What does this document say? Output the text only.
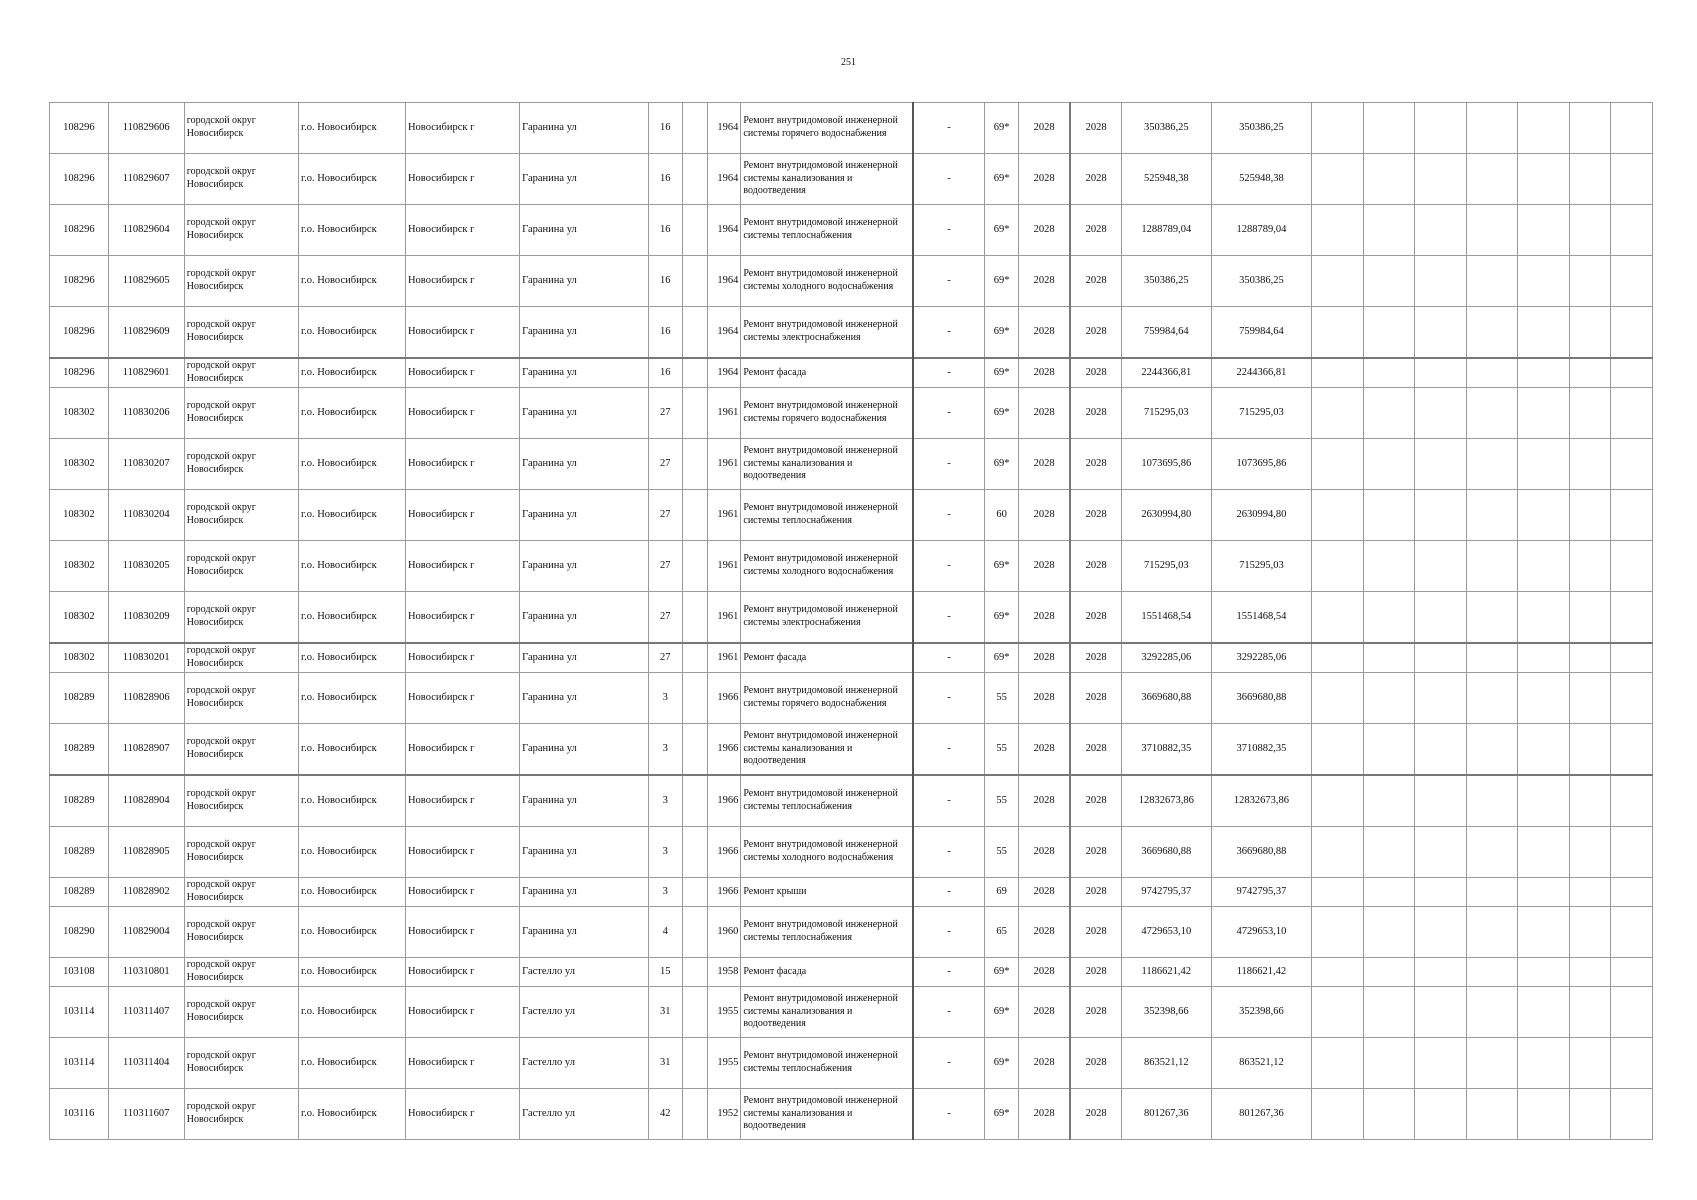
251
108296	110829606	городской округ Новосибирск	г.о. Новосибирск	Новосибирск г	Гаранина ул	16		1964	Ремонт внутридомовой инженерной системы горячего водоснабжения	-	69*	2028	2028	350386,25	350386,25							
108296	110829607	городской округ Новосибирск	г.о. Новосибирск	Новосибирск г	Гаранина ул	16		1964	Ремонт внутридомовой инженерной системы канализования и водоотведения	-	69*	2028	2028	525948,38	525948,38							
108296	110829604	городской округ Новосибирск	г.о. Новосибирск	Новосибирск г	Гаранина ул	16		1964	Ремонт внутридомовой инженерной системы теплоснабжения	-	69*	2028	2028	1288789,04	1288789,04							
108296	110829605	городской округ Новосибирск	г.о. Новосибирск	Новосибирск г	Гаранина ул	16		1964	Ремонт внутридомовой инженерной системы холодного водоснабжения	-	69*	2028	2028	350386,25	350386,25							
108296	110829609	городской округ Новосибирск	г.о. Новосибирск	Новосибирск г	Гаранина ул	16		1964	Ремонт внутридомовой инженерной системы электроснабжения	-	69*	2028	2028	759984,64	759984,64							
108296	110829601	городской округ Новосибирск	г.о. Новосибирск	Новосибирск г	Гаранина ул	16		1964	Ремонт фасада	-	69*	2028	2028	2244366,81	2244366,81							
108302	110830206	городской округ Новосибирск	г.о. Новосибирск	Новосибирск г	Гаранина ул	27		1961	Ремонт внутридомовой инженерной системы горячего водоснабжения	-	69*	2028	2028	715295,03	715295,03							
108302	110830207	городской округ Новосибирск	г.о. Новосибирск	Новосибирск г	Гаранина ул	27		1961	Ремонт внутридомовой инженерной системы канализования и водоотведения	-	69*	2028	2028	1073695,86	1073695,86							
108302	110830204	городской округ Новосибирск	г.о. Новосибирск	Новосибирск г	Гаранина ул	27		1961	Ремонт внутридомовой инженерной системы теплоснабжения	-	60	2028	2028	2630994,80	2630994,80							
108302	110830205	городской округ Новосибирск	г.о. Новосибирск	Новосибирск г	Гаранина ул	27		1961	Ремонт внутридомовой инженерной системы холодного водоснабжения	-	69*	2028	2028	715295,03	715295,03							
108302	110830209	городской округ Новосибирск	г.о. Новосибирск	Новосибирск г	Гаранина ул	27		1961	Ремонт внутридомовой инженерной системы электроснабжения	-	69*	2028	2028	1551468,54	1551468,54							
108302	110830201	городской округ Новосибирск	г.о. Новосибирск	Новосибирск г	Гаранина ул	27		1961	Ремонт фасада	-	69*	2028	2028	3292285,06	3292285,06							
108289	110828906	городской округ Новосибирск	г.о. Новосибирск	Новосибирск г	Гаранина ул	3		1966	Ремонт внутридомовой инженерной системы горячего водоснабжения	-	55	2028	2028	3669680,88	3669680,88							
108289	110828907	городской округ Новосибирск	г.о. Новосибирск	Новосибирск г	Гаранина ул	3		1966	Ремонт внутридомовой инженерной системы канализования и водоотведения	-	55	2028	2028	3710882,35	3710882,35							
108289	110828904	городской округ Новосибирск	г.о. Новосибирск	Новосибирск г	Гаранина ул	3		1966	Ремонт внутридомовой инженерной системы теплоснабжения	-	55	2028	2028	12832673,86	12832673,86							
108289	110828905	городской округ Новосибирск	г.о. Новосибирск	Новосибирск г	Гаранина ул	3		1966	Ремонт внутридомовой инженерной системы холодного водоснабжения	-	55	2028	2028	3669680,88	3669680,88							
108289	110828902	городской округ Новосибирск	г.о. Новосибирск	Новосибирск г	Гаранина ул	3		1966	Ремонт крыши	-	69	2028	2028	9742795,37	9742795,37							
108290	110829004	городской округ Новосибирск	г.о. Новосибирск	Новосибирск г	Гаранина ул	4		1960	Ремонт внутридомовой инженерной системы теплоснабжения	-	65	2028	2028	4729653,10	4729653,10							
103108	110310801	городской округ Новосибирск	г.о. Новосибирск	Новосибирск г	Гастелло ул	15		1958	Ремонт фасада	-	69*	2028	2028	1186621,42	1186621,42							
103114	110311407	городской округ Новосибирск	г.о. Новосибирск	Новосибирск г	Гастелло ул	31		1955	Ремонт внутридомовой инженерной системы канализования и водоотведения	-	69*	2028	2028	352398,66	352398,66							
103114	110311404	городской округ Новосибирск	г.о. Новосибирск	Новосибирск г	Гастелло ул	31		1955	Ремонт внутридомовой инженерной системы теплоснабжения	-	69*	2028	2028	863521,12	863521,12							
103116	110311607	городской округ Новосибирск	г.о. Новосибирск	Новосибирск г	Гастелло ул	42		1952	Ремонт внутридомовой инженерной системы канализования и водоотведения	-	69*	2028	2028	801267,36	801267,36							
